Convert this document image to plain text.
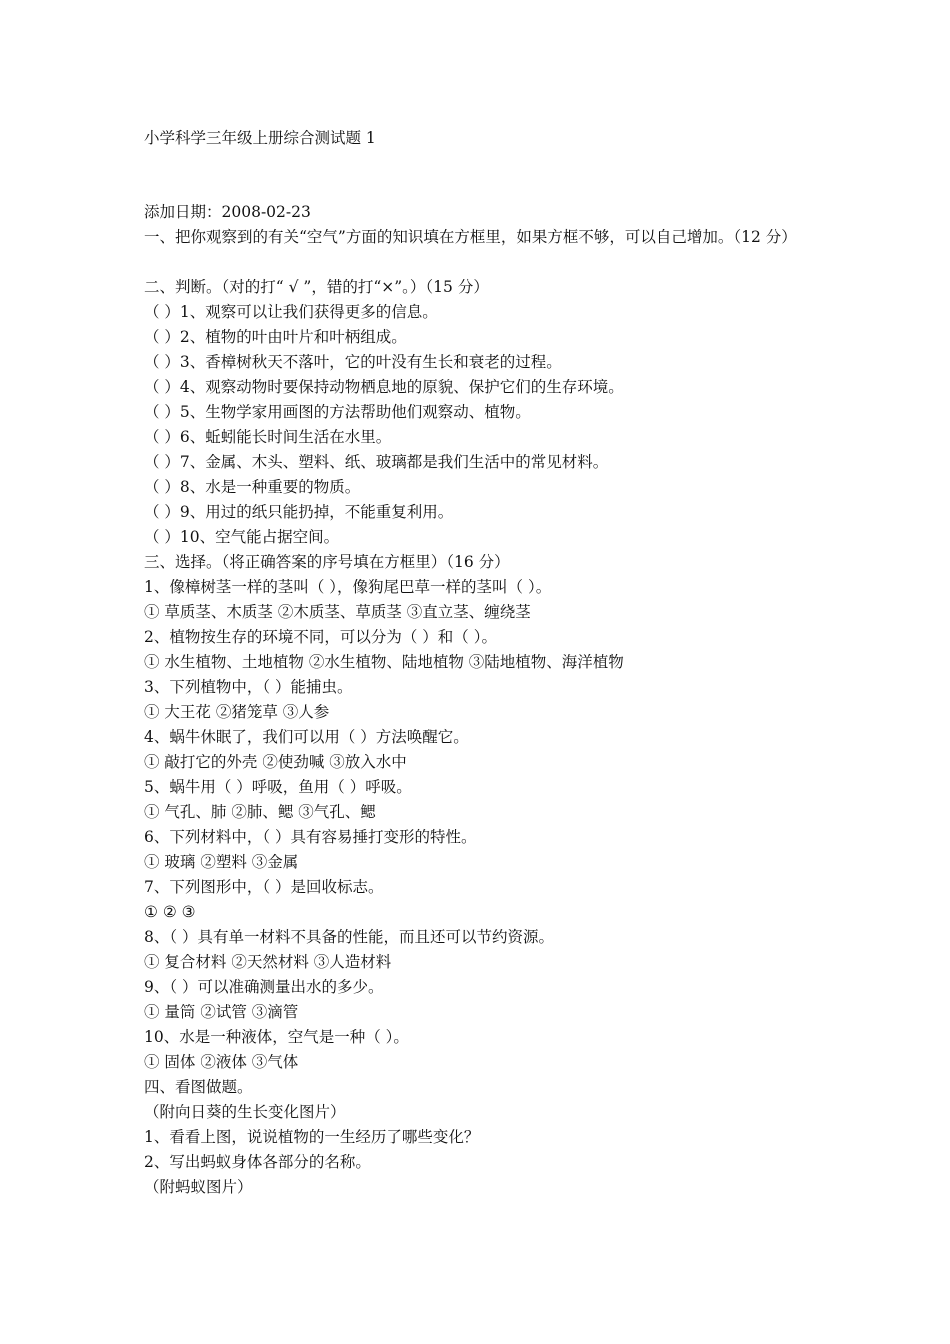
小学科学三年级上册综合测试题 1
添加日期：2008-02-23
一、把你观察到的有关“空气”方面的知识填在方框里，如果方框不够，可以自己增加。（12 分）
二、判断。（对的打“ √ ”，错的打“×”。）（15 分）
（ ）1、观察可以让我们获得更多的信息。
（ ）2、植物的叶由叶片和叶柄组成。
（ ）3、香樟树秋天不落叶，它的叶没有生长和衰老的过程。
（ ）4、观察动物时要保持动物栖息地的原貌、保护它们的生存环境。
（ ）5、生物学家用画图的方法帮助他们观察动、植物。
（ ）6、蚯蚓能长时间生活在水里。
（ ）7、金属、木头、塑料、纸、玻璃都是我们生活中的常见材料。
（ ）8、水是一种重要的物质。
（ ）9、用过的纸只能扔掉，不能重复利用。
（ ）10、空气能占据空间。
三、选择。（将正确答案的序号填在方框里）（16 分）
1、像樟树茎一样的茎叫（ ），像狗尾巴草一样的茎叫（ ）。
① 草质茎、木质茎 ②木质茎、草质茎 ③直立茎、缠绕茎
2、植物按生存的环境不同，可以分为（ ）和（ ）。
① 水生植物、土地植物 ②水生植物、陆地植物 ③陆地植物、海洋植物
3、下列植物中，（ ）能捕虫。
① 大王花 ②猪笼草 ③人参
4、蜗牛休眠了，我们可以用（ ）方法唤醒它。
① 敲打它的外壳 ②使劲喊 ③放入水中
5、蜗牛用（ ）呼吸，鱼用（ ）呼吸。
① 气孔、肺 ②肺、鳃 ③气孔、鳃
6、下列材料中，（ ）具有容易捶打变形的特性。
① 玻璃 ②塑料 ③金属
7、下列图形中，（ ）是回收标志。
① ② ③
8、（ ）具有单一材料不具备的性能，而且还可以节约资源。
① 复合材料 ②天然材料 ③人造材料
9、（ ）可以准确测量出水的多少。
① 量筒 ②试管 ③滴管
10、水是一种液体，空气是一种（ ）。
① 固体 ②液体 ③气体
四、看图做题。
（附向日葵的生长变化图片）
1、看看上图，说说植物的一生经历了哪些变化？
2、写出蚂蚁身体各部分的名称。
（附蚂蚁图片）
